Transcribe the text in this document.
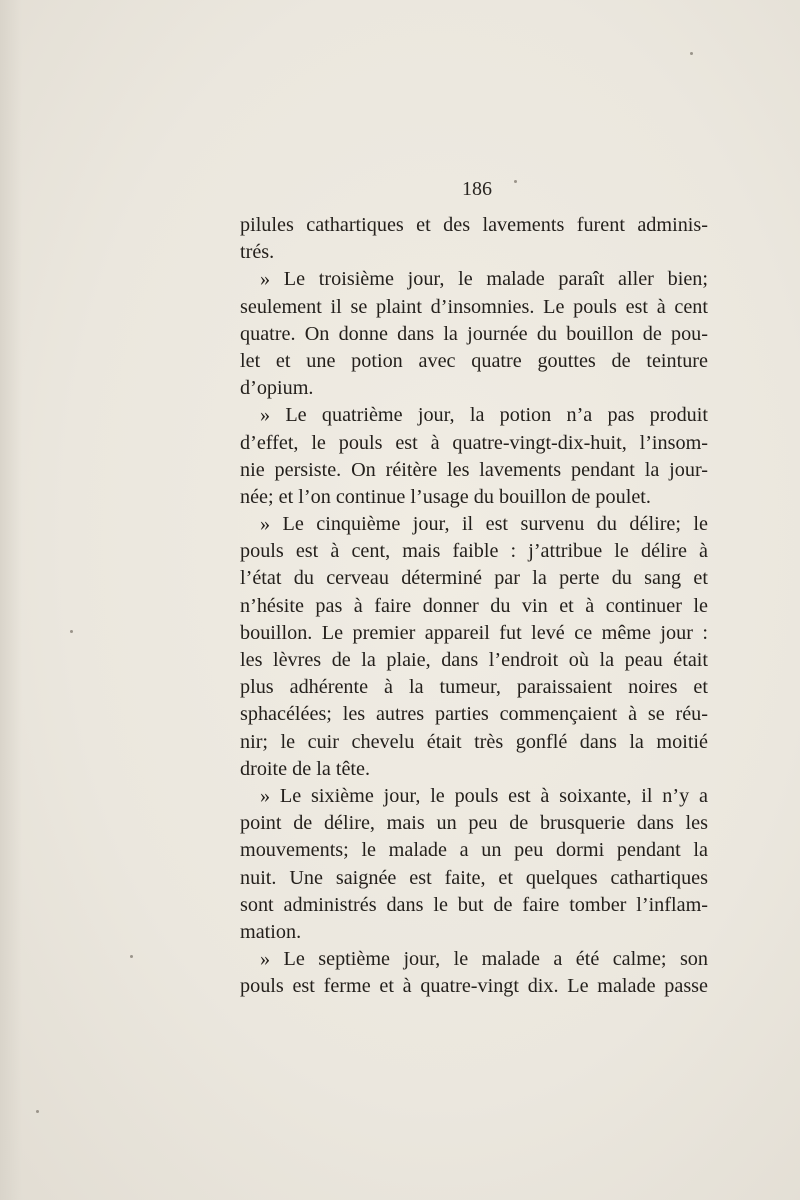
186
pilules cathartiques et des lavements furent adminis-
trés.
» Le troisième jour, le malade paraît aller bien;
seulement il se plaint d’insomnies. Le pouls est à cent
quatre. On donne dans la journée du bouillon de pou-
let et une potion avec quatre gouttes de teinture
d’opium.
» Le quatrième jour, la potion n’a pas produit
d’effet, le pouls est à quatre-vingt-dix-huit, l’insom-
nie persiste. On réitère les lavements pendant la jour-
née; et l’on continue l’usage du bouillon de poulet.
» Le cinquième jour, il est survenu du délire; le
pouls est à cent, mais faible : j’attribue le délire à
l’état du cerveau déterminé par la perte du sang et
n’hésite pas à faire donner du vin et à continuer le
bouillon. Le premier appareil fut levé ce même jour :
les lèvres de la plaie, dans l’endroit où la peau était
plus adhérente à la tumeur, paraissaient noires et
sphacélées; les autres parties commençaient à se réu-
nir; le cuir chevelu était très gonflé dans la moitié
droite de la tête.
» Le sixième jour, le pouls est à soixante, il n’y a
point de délire, mais un peu de brusquerie dans les
mouvements; le malade a un peu dormi pendant la
nuit. Une saignée est faite, et quelques cathartiques
sont administrés dans le but de faire tomber l’inflam-
mation.
» Le septième jour, le malade a été calme; son
pouls est ferme et à quatre-vingt dix. Le malade passe
